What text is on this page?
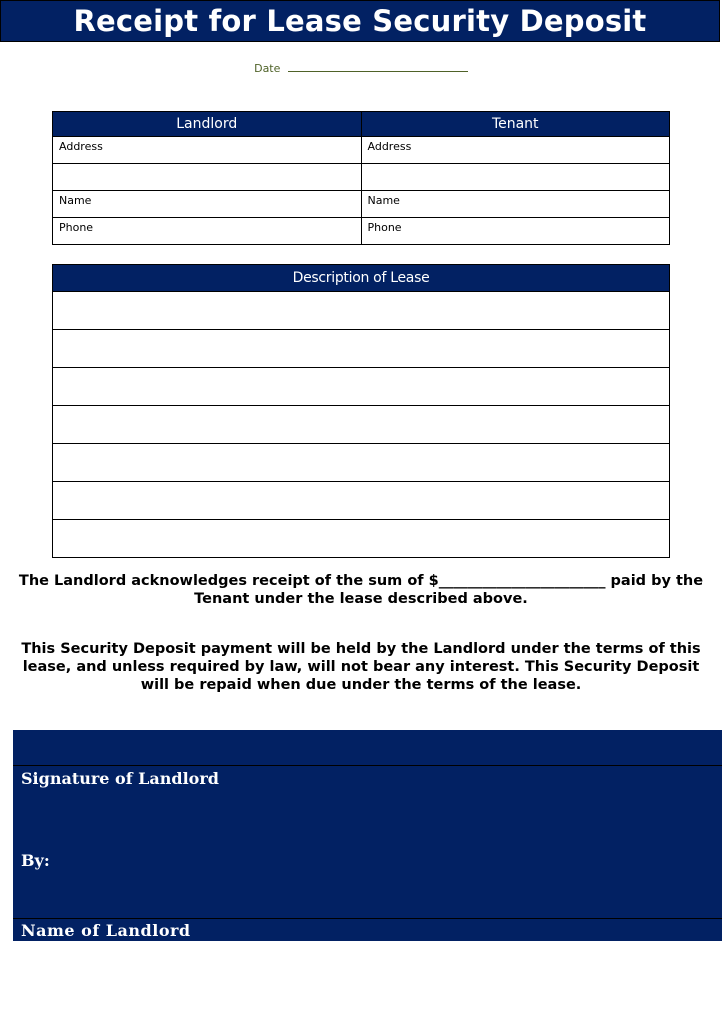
Receipt for Lease Security Deposit
Date
Landlord	Tenant
Address	Address

Name	Name
Phone	Phone
Description of Lease

The Landlord acknowledges receipt of the sum of $_______________________ paid by the Tenant under the lease described above.
This Security Deposit payment will be held by the Landlord under the terms of this lease, and unless required by law, will not bear any interest. This Security Deposit will be repaid when due under the terms of the lease.
Signature of Landlord
By:
Name of Landlord
